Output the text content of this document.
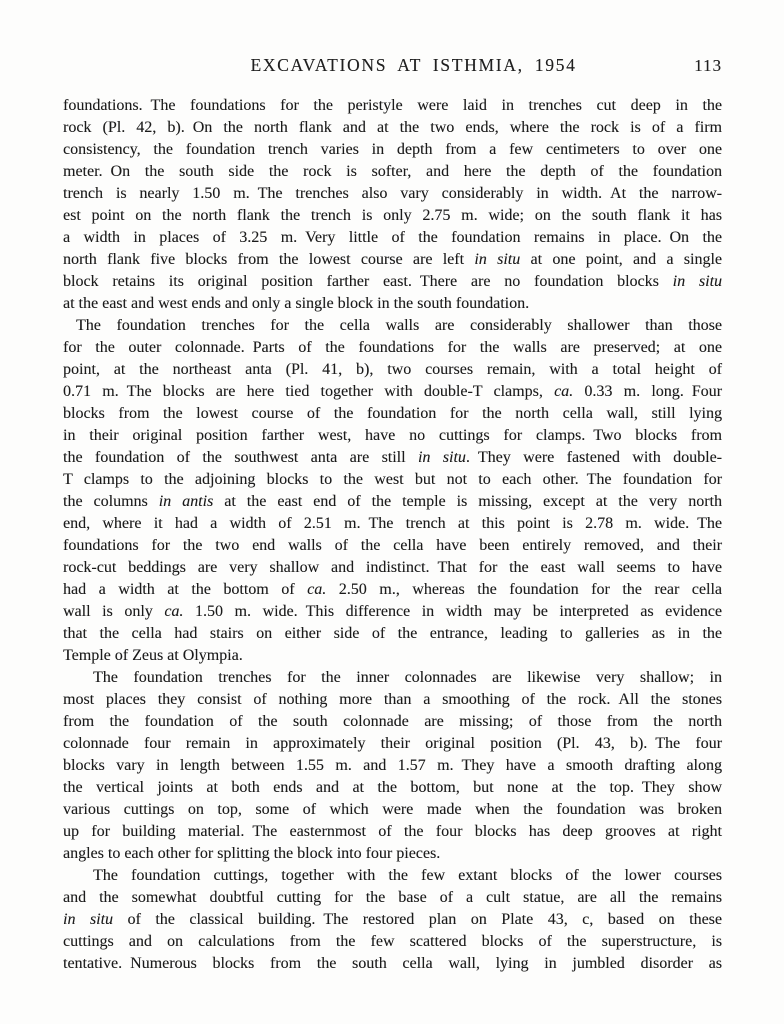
EXCAVATIONS AT ISTHMIA, 1954	113
foundations. The foundations for the peristyle were laid in trenches cut deep in the
rock (Pl. 42, b). On the north flank and at the two ends, where the rock is of a firm
consistency, the foundation trench varies in depth from a few centimeters to over one
meter. On the south side the rock is softer, and here the depth of the foundation
trench is nearly 1.50 m. The trenches also vary considerably in width. At the narrow-
est point on the north flank the trench is only 2.75 m. wide; on the south flank it has
a width in places of 3.25 m. Very little of the foundation remains in place. On the
north flank five blocks from the lowest course are left in situ at one point, and a single
block retains its original position farther east. There are no foundation blocks in situ
at the east and west ends and only a single block in the south foundation.
The foundation trenches for the cella walls are considerably shallower than those
for the outer colonnade. Parts of the foundations for the walls are preserved; at one
point, at the northeast anta (Pl. 41, b), two courses remain, with a total height of
0.71 m. The blocks are here tied together with double-T clamps, ca. 0.33 m. long. Four
blocks from the lowest course of the foundation for the north cella wall, still lying
in their original position farther west, have no cuttings for clamps. Two blocks from
the foundation of the southwest anta are still in situ. They were fastened with double-
T clamps to the adjoining blocks to the west but not to each other. The foundation for
the columns in antis at the east end of the temple is missing, except at the very north
end, where it had a width of 2.51 m. The trench at this point is 2.78 m. wide. The
foundations for the two end walls of the cella have been entirely removed, and their
rock-cut beddings are very shallow and indistinct. That for the east wall seems to have
had a width at the bottom of ca. 2.50 m., whereas the foundation for the rear cella
wall is only ca. 1.50 m. wide. This difference in width may be interpreted as evidence
that the cella had stairs on either side of the entrance, leading to galleries as in the
Temple of Zeus at Olympia.
The foundation trenches for the inner colonnades are likewise very shallow; in
most places they consist of nothing more than a smoothing of the rock. All the stones
from the foundation of the south colonnade are missing; of those from the north
colonnade four remain in approximately their original position (Pl. 43, b). The four
blocks vary in length between 1.55 m. and 1.57 m. They have a smooth drafting along
the vertical joints at both ends and at the bottom, but none at the top. They show
various cuttings on top, some of which were made when the foundation was broken
up for building material. The easternmost of the four blocks has deep grooves at right
angles to each other for splitting the block into four pieces.
The foundation cuttings, together with the few extant blocks of the lower courses
and the somewhat doubtful cutting for the base of a cult statue, are all the remains
in situ of the classical building. The restored plan on Plate 43, c, based on these
cuttings and on calculations from the few scattered blocks of the superstructure, is
tentative. Numerous blocks from the south cella wall, lying in jumbled disorder as
